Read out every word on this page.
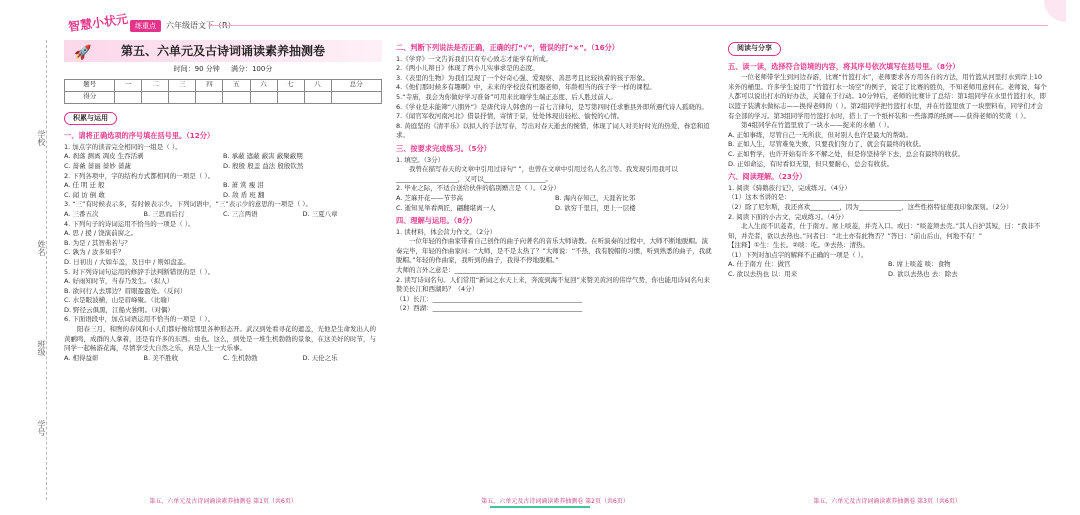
智慧小状元 练重点	六年级语文下（R）
学校
姓名
班级
学号
🚀 第五、六单元及古诗词诵读素养抽测卷
时间：90 分钟 满分：100分
题号	一	二	三	四	五	六	七	八	总分
得分									
积累与运用
一、请将正确选项的序号填在括号里。（12分）
1. 加点字的读音完全相同的一组是（ ）。
A. 刹落 测离 凋皮 生吞活剥	B. 承蔽 遮蔽 蔽害 蔽聚蔽期
C. 蔷薇 蔷丽 蔷妙 蔷蔬	D. 殷殷 殷盖 益法 殷殷钦然
2. 下列各项中，字的结构方式都相同的一项是（ ）。
A. 任 明 迁 般	B. 萧 赏 瘦 泪
C. 闻 访 倒 敢	D. 敌 盾 班 翻
3. “三”有时候表示多，有时候表示少。下列词语中，“三”表示少的意思的一项是（ ）。
A. 三番五次	B. 三思而后行	C. 三言两语	D. 三夏八章
4. 下列句子的诗词运用不恰当的一项是（ ）。
A. 思 / 援 / 饶演前窗之。
B. 为是 / 其智弗若与？
C. 孰为 / 汝多知乎？
D. 日初出 / 大如车盖，及日中 / 则如盘盂。
5. 对下列诗词句运用的修辞手法判断错误的是（ ）。
A. 好雨知时节，当春乃发生。（拟人）
B. 欲问行人去那边？眉眼盈盈处。（反问）
C. 水是眼波横，山是眉峰聚。（比喻）
D. 野径云俱黑，江船火独明。（对偶）
6. 下面语段中，加点词语运用不恰当的一项是（ ）。
阳春三月，和煦的春风和小人们都好像给那里各种形态开。武汉到处看寻花的遮盖，光他是生命发出人的黄鹂鸣，成群的人拿着，还是有许多的东西。虫也。这么，到处是一堆生机勃勃的景象，在这美好的时节，与同学一起畅游花海，尽情享受大自然之乐，真是人生一大乐事。
A. 相得益彰	B. 美不胜收	C. 生机勃勃	D. 天伦之乐
二、判断下列说法是否正确，正确的打“√”，错误的打“×”。（16分）
1.《学弈》一文告诉我们只有专心致志才能学有所成。
2.《两小儿辩日》体现了两小儿实事求是的态度。
3.《表里的生物》为我们呈现了一个好奇心强、爱观察、善思考且比较执着的孩子形象。
4.《他们那时候多有趣啊》中，未来的学校没有机器老师，年龄相当的孩子学一样的课程。
5.“寺庙，我会为你做好学习准备”可用来比喻学生端正态度、后人胜过前人。
6.《学业是未能筛“八朋外”》是唐代诗人韩愈的一首七言律句，是写第四时任求雅县外即所遇代诗人孤晓的。
7.《闻官军收河南河北》借景抒情，寄情于景，处处体现出轻松、愉悦的心情。
8. 黄庭坚的《清平乐》以拟人的手法写春，写出对春天逝去的惋惜，体现了词人对美好时光的热爱、眷恋和追求。
三、按要求完成练习。（5分）
1. 填空。（3分）
我曾在描写春天的文章中引用过诗句“ ”，也曾在文章中引用过名人名言等。我发现引用我可以___________________，又可以___________________。
2. 毕业之际，不适合送给伙伴的临别赠言是（ ）。（2分）
A. 芝麻开花——节节高	B. 海内存知己，天涯若比邻
C. 逝知见举看两匠，翩翻堪离一人	D. 欲穷千里目，更上一层楼
四、理解与运用。（8分）
1. 读材料，体会营力作文。（2分）
一位年轻的作曲家带着自己创作的曲子向著名的音乐大师请教。在听演奏的过程中，大师不断地脱帽。演奏完毕，年轻的作曲家问：“大师，是不是太热了？”大师说：“不热，我有脱帽的习惯，听到熟悉的曲子，我就脱帽。”年轻的作曲家，我听到的曲子，我得不停地脱帽。”
大师的言外之意是：_________________________________
2. 读写诗词名句。人们常用“新词之水天上来，奔流到海不复回”来赞美黄河的伟岸气势，你也能用诗词名句来赞美长江和西湖吗？（4分）
（1）长江：______________________________________________
（2）西湖：______________________________________________
阅读与分享
五、读一读，选择符合语境的内容，将其序号依次填写在括号里。（8分）
一位老师带学生到河边春游，比赛“竹篮打水”，老师要求各方用各自的方法，用竹篮从河里打水到岸上10米外的桶里。许多学生说用了“竹篮打水一场空”的例子，说定了比赛的胜负，不知老师用意何在。老师说，每个人都可以说出打水的好办法，关键在于行动。10分钟后，老师的比赛计了总结：第1组同学在水里竹篮打水，即以篮子装满水做标志——换得老师的（ ）。第2组同学把竹篮打水里，并在竹篮里放了一块塑料布，同学们才会有全部的学习。第3组同学用竹篮打水时，搭上了一个纸杯装和一些落潭的纸屑——获得老师的奖赏（ ）。
第4组同学在竹篮里放了一块水——捉来的水桶（ ）。
A. 正如事练，尽管自己一无所获，但对别人也许是最大的帮助。
B. 正如人生，尽管难免失败，只要我们努力了，就会有最终的收获。
C. 正如哲学，也许开始有许多不解之处，但是你坚持学下去，总会有最终的收获。
D. 正如命运，有时看似无望，但只要耐心，总会有收获。
六、阅读理解。（23分）
1. 阅读《骑鹅旅行记》，完成练习。（4分）
（1）这本书讲的是：____________________________________________
（2）除了尼尔斯，我还喜欢_________，因为_____________，这些性格特征使我印象深刻。（2分）
2. 阅读下面的小古文，完成练习。（4分）
北人生而不识菱者，仕于南方。席上啖菱，并壳入口。或曰：“啖菱须去壳。”其人自护其短，曰：“我非不知，并壳者，欲以去热也。”问者曰：“北土亦有此物否？”答曰：“前山后山，何地不有！”
【注释】①生：生长。②啖：吃。③去热：清热。
（1）下列对加点字的解释不正确的一项是（ ）。
A. 仕于南方 仕：做官	B. 席上啖菱 啖：食物
C. 欲以去热也 以：用来	D. 欲以去热也 去：除去
第五、六单元及古诗词诵读素养抽测卷 第1页（共6页）	第五、六单元及古诗词诵读素养抽测卷 第2页（共6页）	第五、六单元及古诗词诵读素养抽测卷 第3页（共6页）
